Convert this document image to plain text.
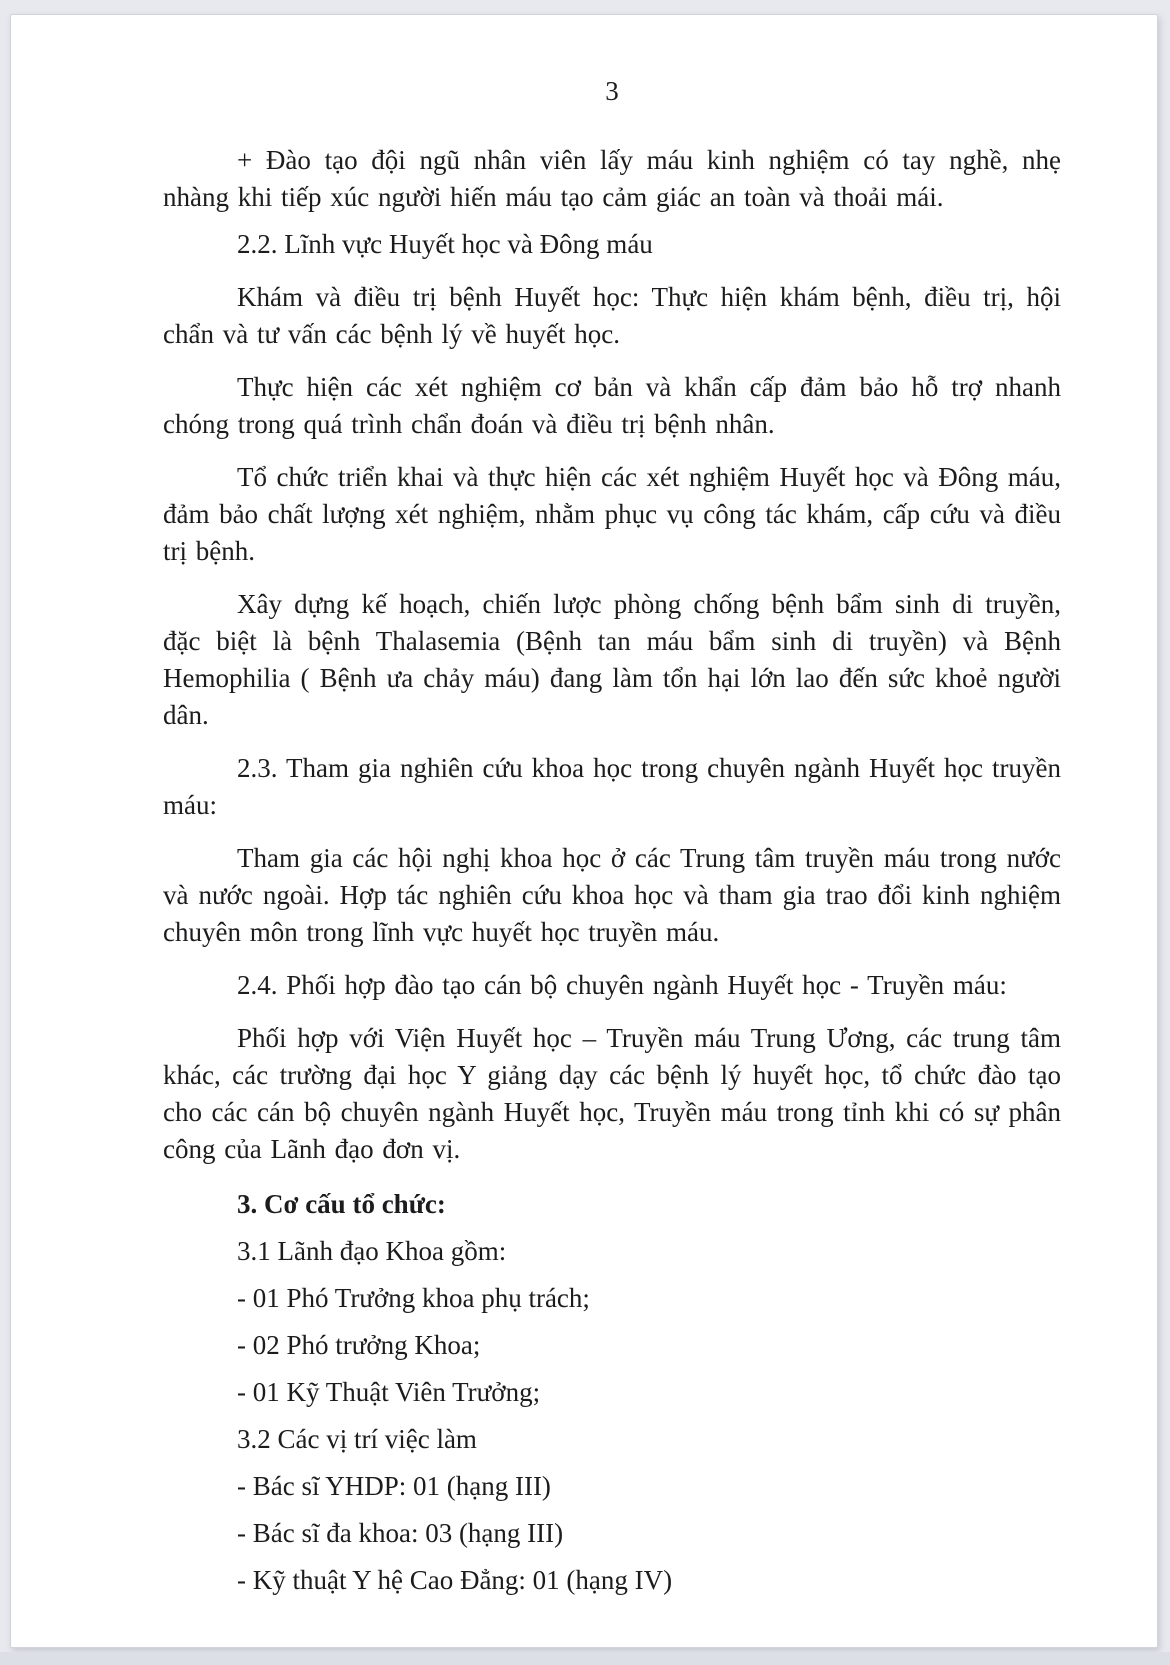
3

+ Đào tạo đội ngũ nhân viên lấy máu kinh nghiệm có tay nghề, nhẹ nhàng khi tiếp xúc người hiến máu tạo cảm giác an toàn và thoải mái.

2.2. Lĩnh vực Huyết học và Đông máu

Khám và điều trị bệnh Huyết học: Thực hiện khám bệnh, điều trị, hội chẩn và tư vấn các bệnh lý về huyết học.

Thực hiện các xét nghiệm cơ bản và khẩn cấp đảm bảo hỗ trợ nhanh chóng trong quá trình chẩn đoán và điều trị bệnh nhân.

Tổ chức triển khai và thực hiện các xét nghiệm Huyết học và Đông máu, đảm bảo chất lượng xét nghiệm, nhằm phục vụ công tác khám, cấp cứu và điều trị bệnh.

Xây dựng kế hoạch, chiến lược phòng chống bệnh bẩm sinh di truyền, đặc biệt là bệnh Thalasemia (Bệnh tan máu bẩm sinh di truyền) và Bệnh Hemophilia ( Bệnh ưa chảy máu) đang làm tổn hại lớn lao đến sức khoẻ người dân.

2.3. Tham gia nghiên cứu khoa học trong chuyên ngành Huyết học truyền máu:

Tham gia các hội nghị khoa học ở các Trung tâm truyền máu trong nước và nước ngoài. Hợp tác nghiên cứu khoa học và tham gia trao đổi kinh nghiệm chuyên môn trong lĩnh vực huyết học truyền máu.

2.4. Phối hợp đào tạo cán bộ chuyên ngành Huyết học - Truyền máu:

Phối hợp với Viện Huyết học – Truyền máu Trung Ương, các trung tâm khác, các trường đại học Y giảng dạy các bệnh lý huyết học, tổ chức đào tạo cho các cán bộ chuyên ngành Huyết học, Truyền máu trong tỉnh khi có sự phân công của Lãnh đạo đơn vị.

3. Cơ cấu tổ chức:

3.1 Lãnh đạo Khoa gồm:

- 01 Phó Trưởng khoa phụ trách;

- 02 Phó trưởng Khoa;

- 01 Kỹ Thuật Viên Trưởng;

3.2 Các vị trí việc làm

- Bác sĩ YHDP: 01 (hạng III)

- Bác sĩ đa khoa: 03 (hạng III)

- Kỹ thuật Y hệ Cao Đẳng: 01 (hạng IV)
